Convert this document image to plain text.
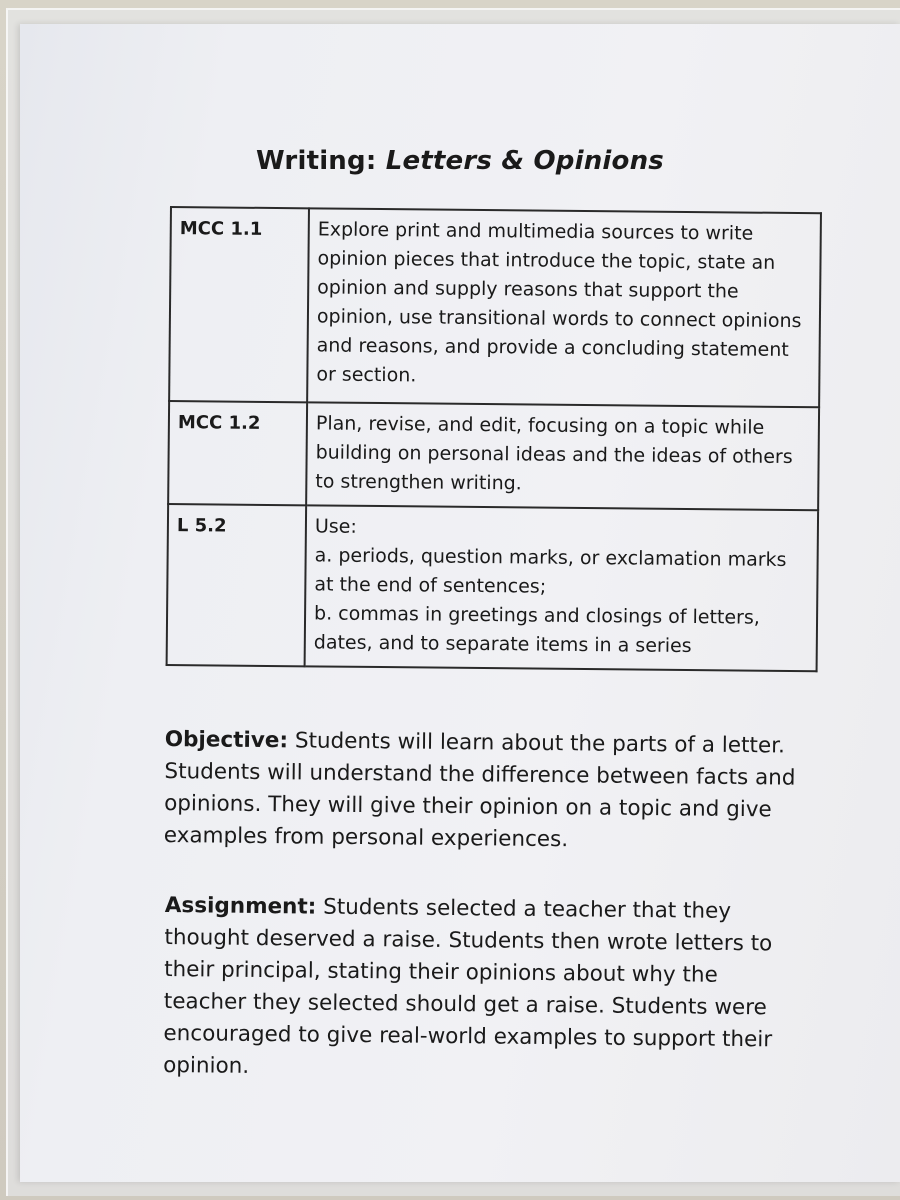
Writing: Letters & Opinions
MCC 1.1	Explore print and multimedia sources to write opinion pieces that introduce the topic, state an opinion and supply reasons that support the opinion, use transitional words to connect opinions and reasons, and provide a concluding statement or section.
MCC 1.2	Plan, revise, and edit, focusing on a topic while building on personal ideas and the ideas of others to strengthen writing.
L 5.2	Use:
a. periods, question marks, or exclamation marks at the end of sentences;
b. commas in greetings and closings of letters, dates, and to separate items in a series
Objective: Students will learn about the parts of a letter. Students will understand the difference between facts and opinions. They will give their opinion on a topic and give examples from personal experiences.
Assignment: Students selected a teacher that they thought deserved a raise. Students then wrote letters to their principal, stating their opinions about why the teacher they selected should get a raise. Students were encouraged to give real-world examples to support their opinion.
